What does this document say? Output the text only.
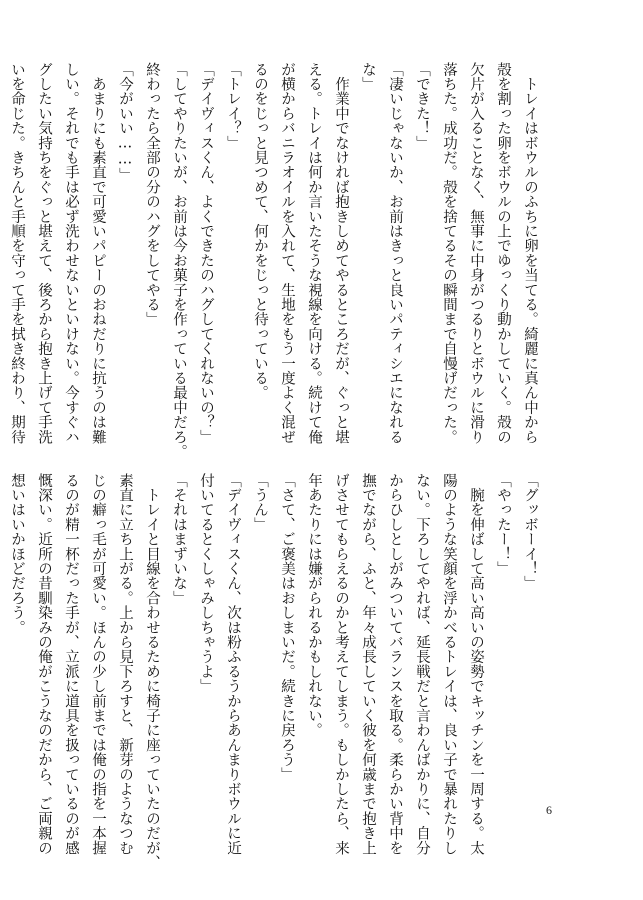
　トレイはボウルのふちに卵を当てる。綺麗に真ん中から
殻を割った卵をボウルの上でゆっくり動かしていく。殻の
欠片が入ることなく、無事に中身がつるりとボウルに滑り
落ちた。成功だ。殻を捨てるその瞬間まで自慢げだった。
「できた！」
「凄いじゃないか、お前はきっと良いパティシエになれる
な」
　作業中でなければ抱きしめてやるところだが、ぐっと堪
える。トレイは何か言いたそうな視線を向ける。続けて俺
が横からバニラオイルを入れて、生地をもう一度よく混ぜ
るのをじっと見つめて、何かをじっと待っている。
「トレイ？」
「デイヴィスくん、よくできたのハグしてくれないの？」
「してやりたいが、お前は今お菓子を作っている最中だろ。
終わったら全部の分のハグをしてやる」
「今がいい……」
　あまりにも素直で可愛いパピーのおねだりに抗うのは難
しい。それでも手は必ず洗わせないといけない。今すぐハ
グしたい気持ちをぐっと堪えて、後ろから抱き上げて手洗
いを命じた。きちんと手順を守って手を拭き終わり、期待
「グッボーイ！」
「やったー！」
　腕を伸ばして高い高いの姿勢でキッチンを一周する。太
陽のような笑顔を浮かべるトレイは、良い子で暴れたりし
ない。下ろしてやれば、延長戦だと言わんばかりに、自分
からひしとしがみついてバランスを取る。柔らかい背中を
撫でながら、ふと、年々成長していく彼を何歳まで抱き上
げさせてもらえるのかと考えてしまう。もしかしたら、来
年あたりには嫌がられるかもしれない。
「さて、ご褒美はおしまいだ。続きに戻ろう」
「うん」
「デイヴィスくん、次は粉ふるうからあんまりボウルに近
付いてるとくしゃみしちゃうよ」
「それはまずいな」
　トレイと目線を合わせるために椅子に座っていたのだが、
素直に立ち上がる。上から見下ろすと、新芽のようなつむ
じの癖っ毛が可愛い。ほんの少し前までは俺の指を一本握
るのが精一杯だった手が、立派に道具を扱っているのが感
慨深い。近所の昔馴染みの俺がこうなのだから、ご両親の
想いはいかほどだろう。
6
